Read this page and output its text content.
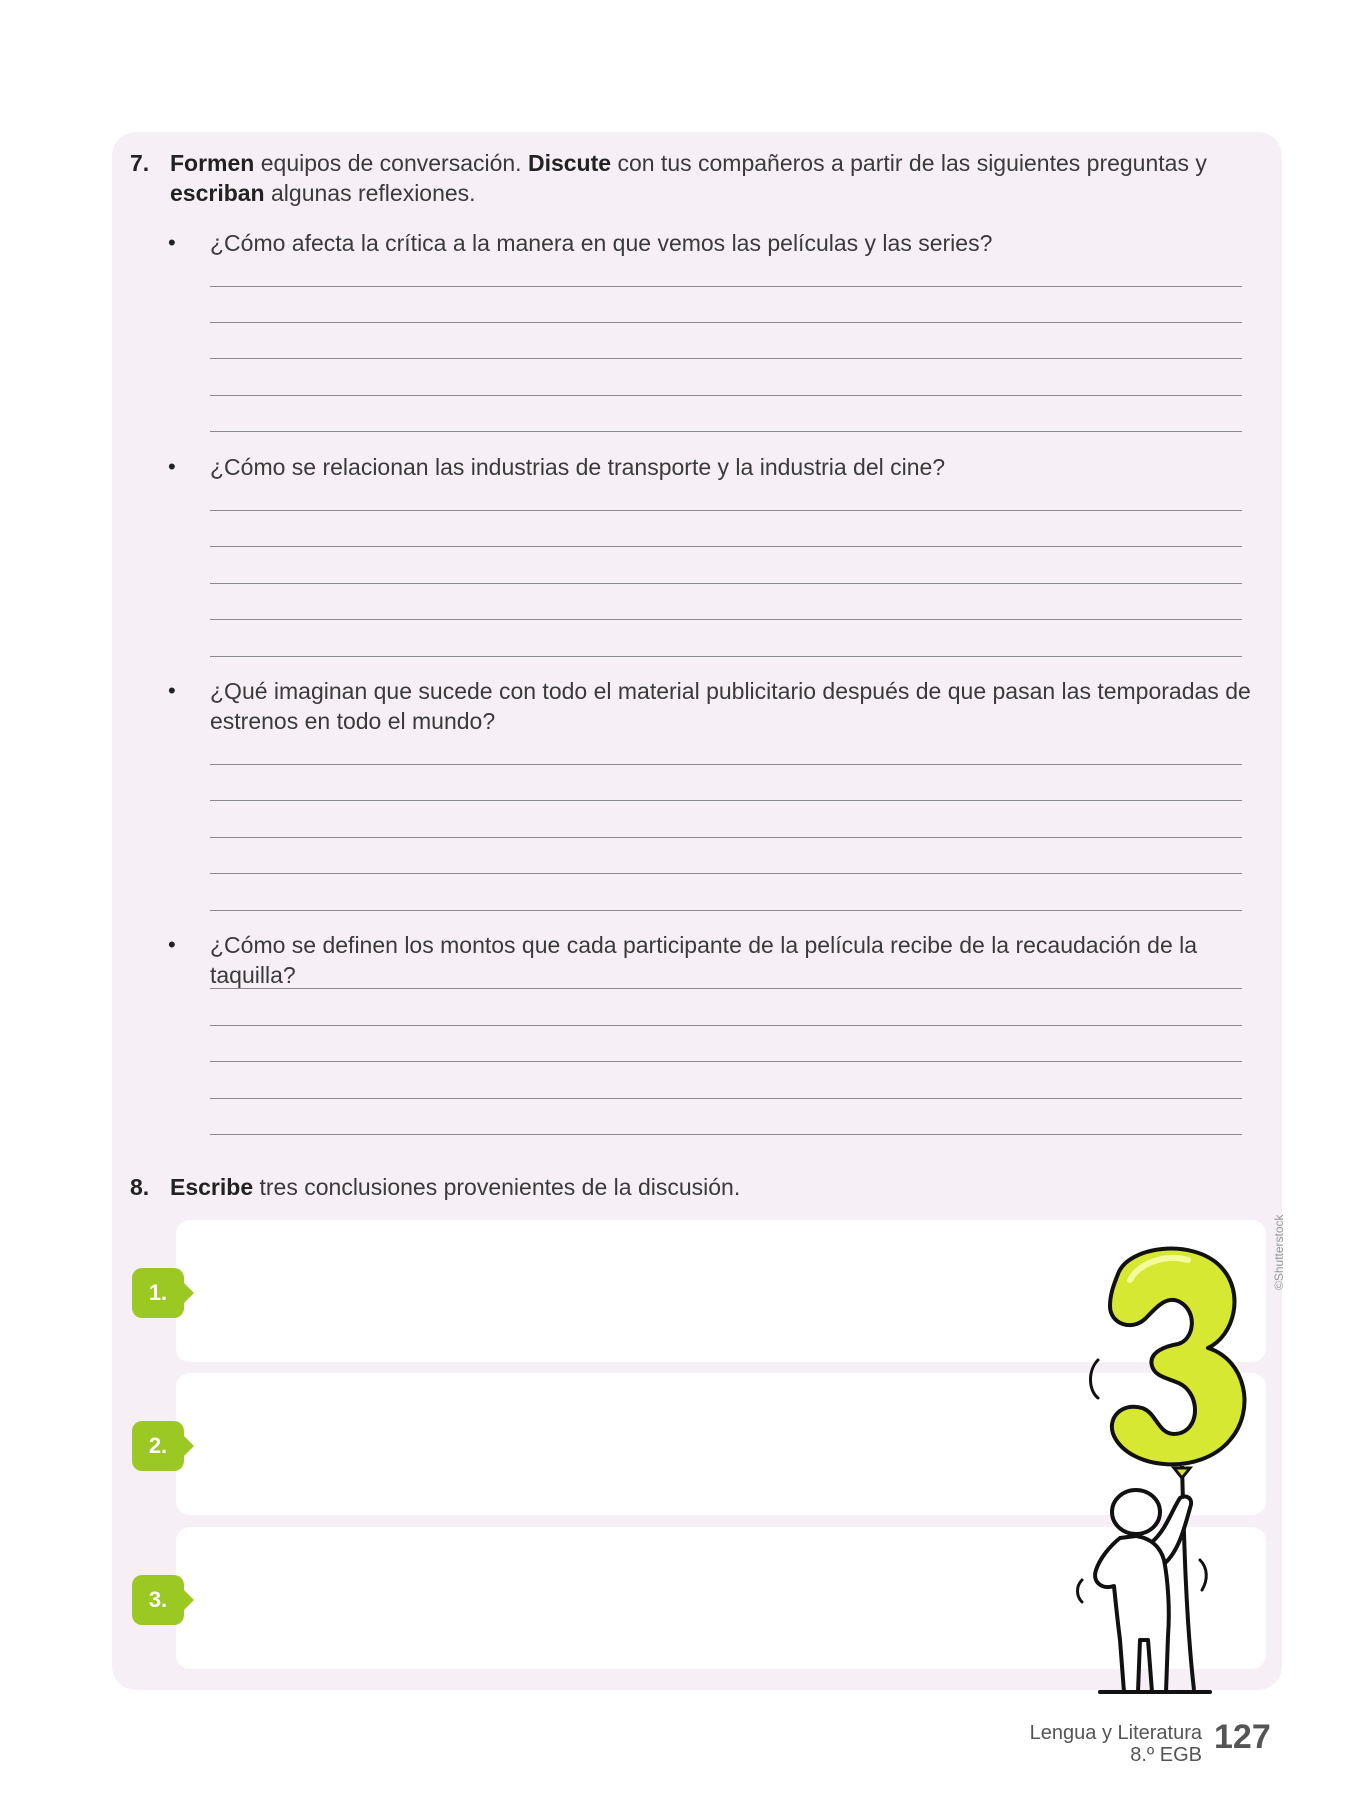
7. Formen equipos de conversación. Discute con tus compañeros a partir de las siguientes preguntas y escriban algunas reflexiones.
• ¿Cómo afecta la crítica a la manera en que vemos las películas y las series?
• ¿Cómo se relacionan las industrias de transporte y la industria del cine?
• ¿Qué imaginan que sucede con todo el material publicitario después de que pasan las temporadas de estrenos en todo el mundo?
• ¿Cómo se definen los montos que cada participante de la película recibe de la recaudación de la taquilla?
8. Escribe tres conclusiones provenientes de la discusión.
1.
2.
3.
©Shutterstock
Lengua y Literatura
8.º EGB 127
